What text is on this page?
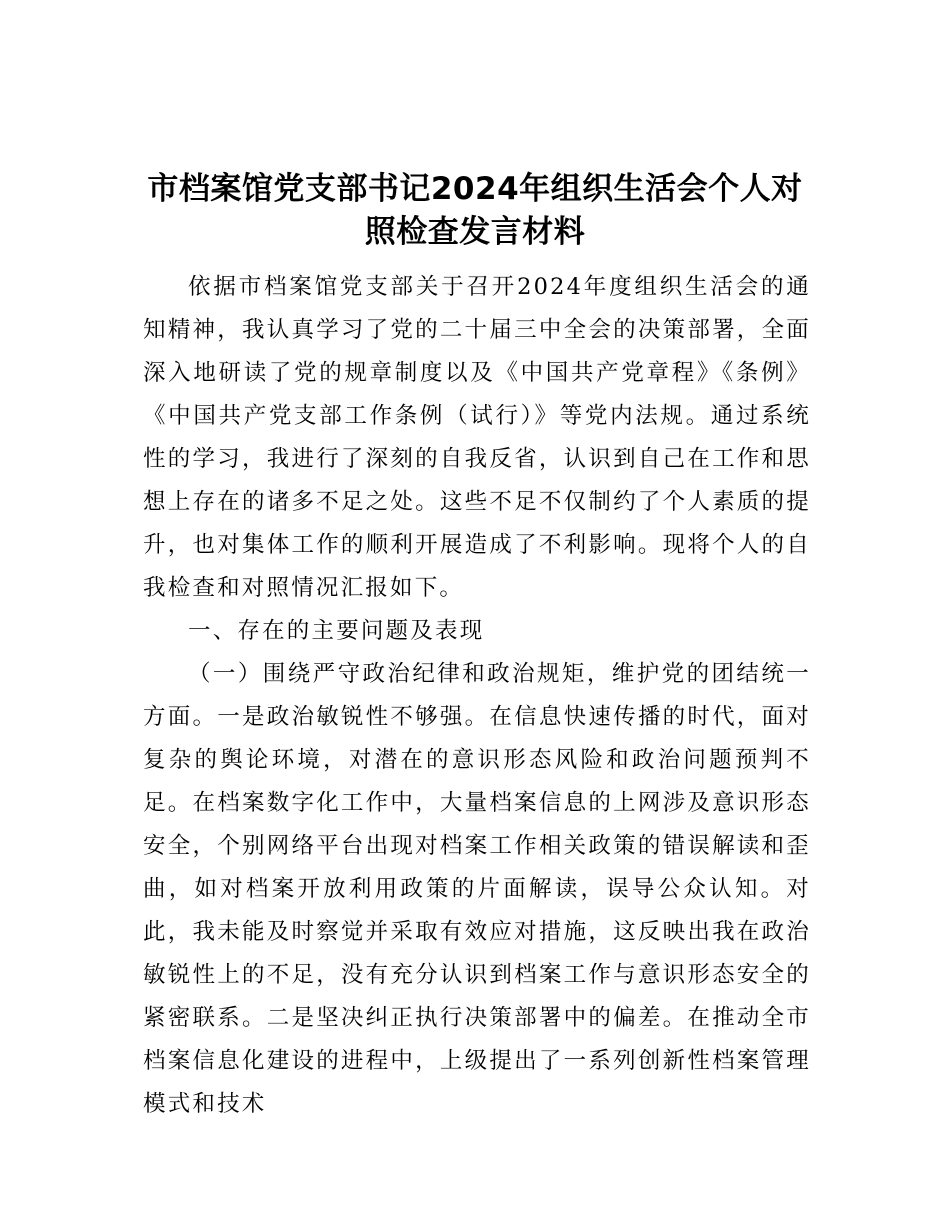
市档案馆党支部书记2024年组织生活会个人对照检查发言材料

依据市档案馆党支部关于召开2024年度组织生活会的通知精神，我认真学习了党的二十届三中全会的决策部署，全面深入地研读了党的规章制度以及《中国共产党章程》《条例》《中国共产党支部工作条例（试行）》等党内法规。通过系统性的学习，我进行了深刻的自我反省，认识到自己在工作和思想上存在的诸多不足之处。这些不足不仅制约了个人素质的提升，也对集体工作的顺利开展造成了不利影响。现将个人的自我检查和对照情况汇报如下。

一、存在的主要问题及表现

（一）围绕严守政治纪律和政治规矩，维护党的团结统一方面。一是政治敏锐性不够强。在信息快速传播的时代，面对复杂的舆论环境，对潜在的意识形态风险和政治问题预判不足。在档案数字化工作中，大量档案信息的上网涉及意识形态安全，个别网络平台出现对档案工作相关政策的错误解读和歪曲，如对档案开放利用政策的片面解读，误导公众认知。对此，我未能及时察觉并采取有效应对措施，这反映出我在政治敏锐性上的不足，没有充分认识到档案工作与意识形态安全的紧密联系。二是坚决纠正执行决策部署中的偏差。在推动全市档案信息化建设的进程中，上级提出了一系列创新性档案管理模式和技术
